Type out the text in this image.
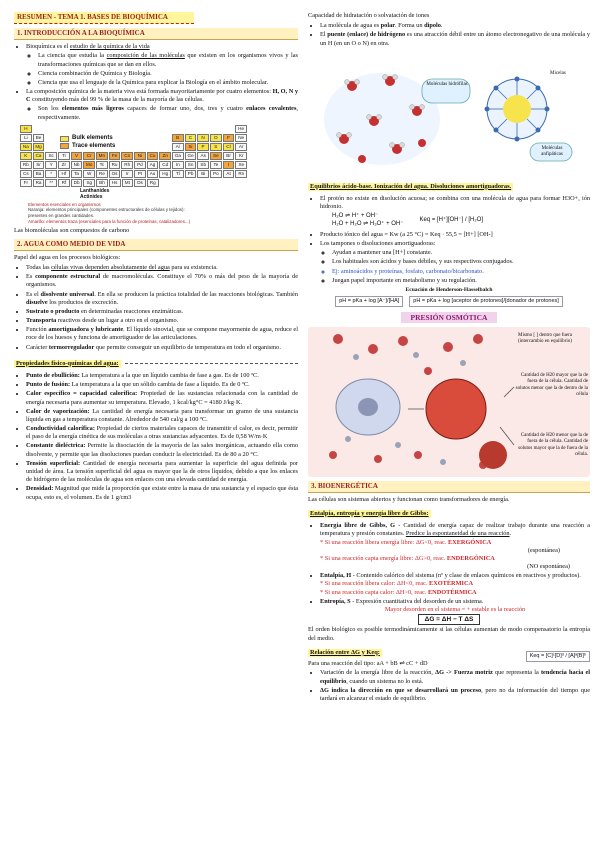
RESUMEN - TEMA 1. BASES DE BIOQUÍMICA
1. INTRODUCCIÓN A LA BIOQUÍMICA
• Bioquímica es el estudio de la química de la vida
◦ La ciencia que estudia la composición de las moléculas que existen en los organismos vivos y las transformaciones químicas que se dan en ellos.
◦ Ciencia combinación de Química y Biología.
◦ Ciencia que usa el lenguaje de la Química para explicar la Biología en el ámbito molecular.
• La composición química de la materia viva está formada mayoritariamente por cuatro elementos: H, O, N y C constituyendo más del 99 % de la masa de la mayoría de las células.
◦ Son los elementos más ligeros capaces de formar uno, dos, tres y cuatro enlaces covalentes, respectivamente.
H	He
Li	Be	B	C	N	O	F	Ne
Na	Mg	Al	Si	P	S	Cl	Ar
K	Ca	Sc	Ti	V	Cr	Mn	Fe	Co	Ni	Cu	Zn	Ga	Ge	As	Se	Br	Kr
Rb	Sr	Y	Zr	Nb	Mo	Tc	Ru	Rh	Pd	Ag	Cd	In	Sn	Sb	Te	I	Xe
Cs	Ba	*	Hf	Ta	W	Re	Os	Ir	Pt	Au	Hg	Tl	Pb	Bi	Po	At	Rn
Fr	Ra	**	Rf	Db	Sg	Bh	Hs	Mt	Ds	Rg
Bulk elements
Trace elements
Lanthanides
Actinides
Elementos esenciales en organismos
Naranja: elementos principales (componentes estructurales de células y tejidos):
presentes en grandes cantidades.
Amarillo: elementos traza (esenciales para la función de proteínas, catalizadores...)

Las biomoléculas son compuestos de carbono

2. AGUA COMO MEDIO DE VIDA

Papel del agua en los procesos biológicos:

• Todas las células vivas dependen absolutamente del agua para su existencia.
• Es componente estructural de macromoléculas. Constituye el 70% o más del peso de la mayoría de organismos.
• Es el disolvente universal. En ella se producen la práctica totalidad de las reacciones biológicas. También disuelve los productos de excreción.
• Sustrato o producto en determinadas reacciones enzimáticas.
• Transporta reactivos desde un lugar a otro en el organismo.
• Función amortiguadora y lubricante. El líquido sinovial, que se compone mayormente de agua, reduce el roce de los huesos y funciona de amortiguador de las articulaciones.
• Carácter termorregulador que permite conseguir un equilibrio de temperatura en todo el organismo.
Propiedades físico-químicas del agua:
• Punto de ebullición: La temperatura a la que un líquido cambia de fase a gas. Es de 100 ºC.
• Punto de fusión: La temperatura a la que un sólido cambia de fase a líquido. Es de 0 ºC.
• Calor específico = capacidad calorífica: Propiedad de las sustancias relacionada con la cantidad de energía necesaria para aumentar su temperatura. Elevado, 1 kcal/kg°C = 4180 J/kg·K.
• Calor de vaporización: La cantidad de energía necesaria para transformar un gramo de una sustancia líquida en gas a temperatura constante. Alrededor de 540 cal/g a 100 ºC.
• Conductividad calorífica: Propiedad de ciertos materiales capaces de transmitir el calor, es decir, permitir el paso de la energía cinética de sus moléculas a otras sustancias adyacentes. Es de 0,58 W/m·K
• Constante dieléctrica: Permite la disociación de la mayoría de las sales inorgánicas, actuando ella como disolvente, y permite que las disoluciones puedan conducir la electricidad. Es de 80 a 20 °C.
• Tensión superficial: Cantidad de energía necesaria para aumentar la superficie del agua definida por unidad de área. La tensión superficial del agua es mayor que la de otros líquidos, debido a que los enlaces de hidrógeno de las moléculas de agua son enlaces con una elevada cantidad de energía.
• Densidad: Magnitud que mide la proporción que existe entre la masa de una sustancia y el espacio que ésta ocupa, esto es, el volumen. Es de 1 g/cm3

Capacidad de hidratación o solvatación de iones

• La molécula de agua es polar. Forma un dipolo.
• El puente (enlace) de hidrógeno es una atracción débil entre un átomo electronegativo de una molécula y un H (en un O o N) en otra.
Moléculas hidrófilas
Moléculas anfipáticas
Micelas
Equilibrios ácido-base. Ionización del agua. Disoluciones amortiguadoras.
• El protón no existe en disolución acuosa; se combina con una molécula de agua para formar H3O+, ión hidronio.
H₂O ⇌ H⁺ + OH⁻
H₂O + H₂O ⇌ H₃O⁺ + OH⁻
Keq = [H⁺][OH⁻] / [H₂O]
• Producto iónico del agua = Kw (a 25 °C) = Keq · 55,5 = [H+] [OH-]
• Los tampones o disoluciones amortiguadoras:
◦ Ayudan a mantener una [H+] constante.
◦ Los habituales son ácidos y bases débiles, y sus respectivos conjugados.
◦ Ej: aminoácidos y proteínas, fosfato, carbonato/bicarbonato.
◦ Juegan papel importante en metabolismo y su regulación.
Ecuación de Henderson-Hasselbalch
pH = pKa + log [A⁻]/[HA]	pH = pKa + log [aceptor de protones]/[donador de protones]
PRESIÓN OSMÓTICA
Mismo [ ] dentro que fuera (intercambio en equilibrio)
Cantidad de H20 mayor que la de fuera de la célula. Cantidad de solutos menor que la de dentro de la célula
Cantidad de H20 menor que la de fuera de la célula. Cantidad de solutos mayor que la de fuera de la célula.
3. BIOENERGÉTICA

Las células son sistemas abiertos y funcionan como transformadores de energía.

Entalpía, entropía y energía libre de Gibbs:
• Energía libre de Gibbs, G - Cantidad de energía capaz de realizar trabajo durante una reacción a temperatura y presión constantes. Predice la espontaneidad de una reacción.
* Si una reacción libera energía libre: ΔG<0, reac. EXERGÓNICA
(espontánea)
* Si una reacción capta energía libre: ΔG>0, reac. ENDERGÓNICA
(NO espontánea)
• Entalpía, H - Contenido calórico del sistema (nº y clase de enlaces químicos en reactivos y productos).
* Si una reacción libera calor: ΔH<0, reac. EXOTÉRMICA
* Si una reacción capta calor: ΔH>0, reac. ENDOTÉRMICA
• Entropía, S - Expresión cuantitativa del desorden de un sistema.
Mayor desorden en el sistema = + estable es la reacción
ΔG = ΔH − T ΔS

El orden biológico es posible termodinámicamente si las células aumentan de modo compensatorio la entropía del medio.

Relación entre ΔG y Keq:
Para una reacción del tipo: aA + bB ⇌ cC + dD
Keq = [C]ᶜ[D]ᵈ / [A]ᵃ[B]ᵇ
• Variación de la energía libre de la reacción, ΔG -> Fuerza motriz que representa la tendencia hacia el equilibrio, cuando un sistema no lo está.
• ΔG indica la dirección en que se desarrollará un proceso, pero no da información del tiempo que tardará en alcanzar el estado de equilibrio.
